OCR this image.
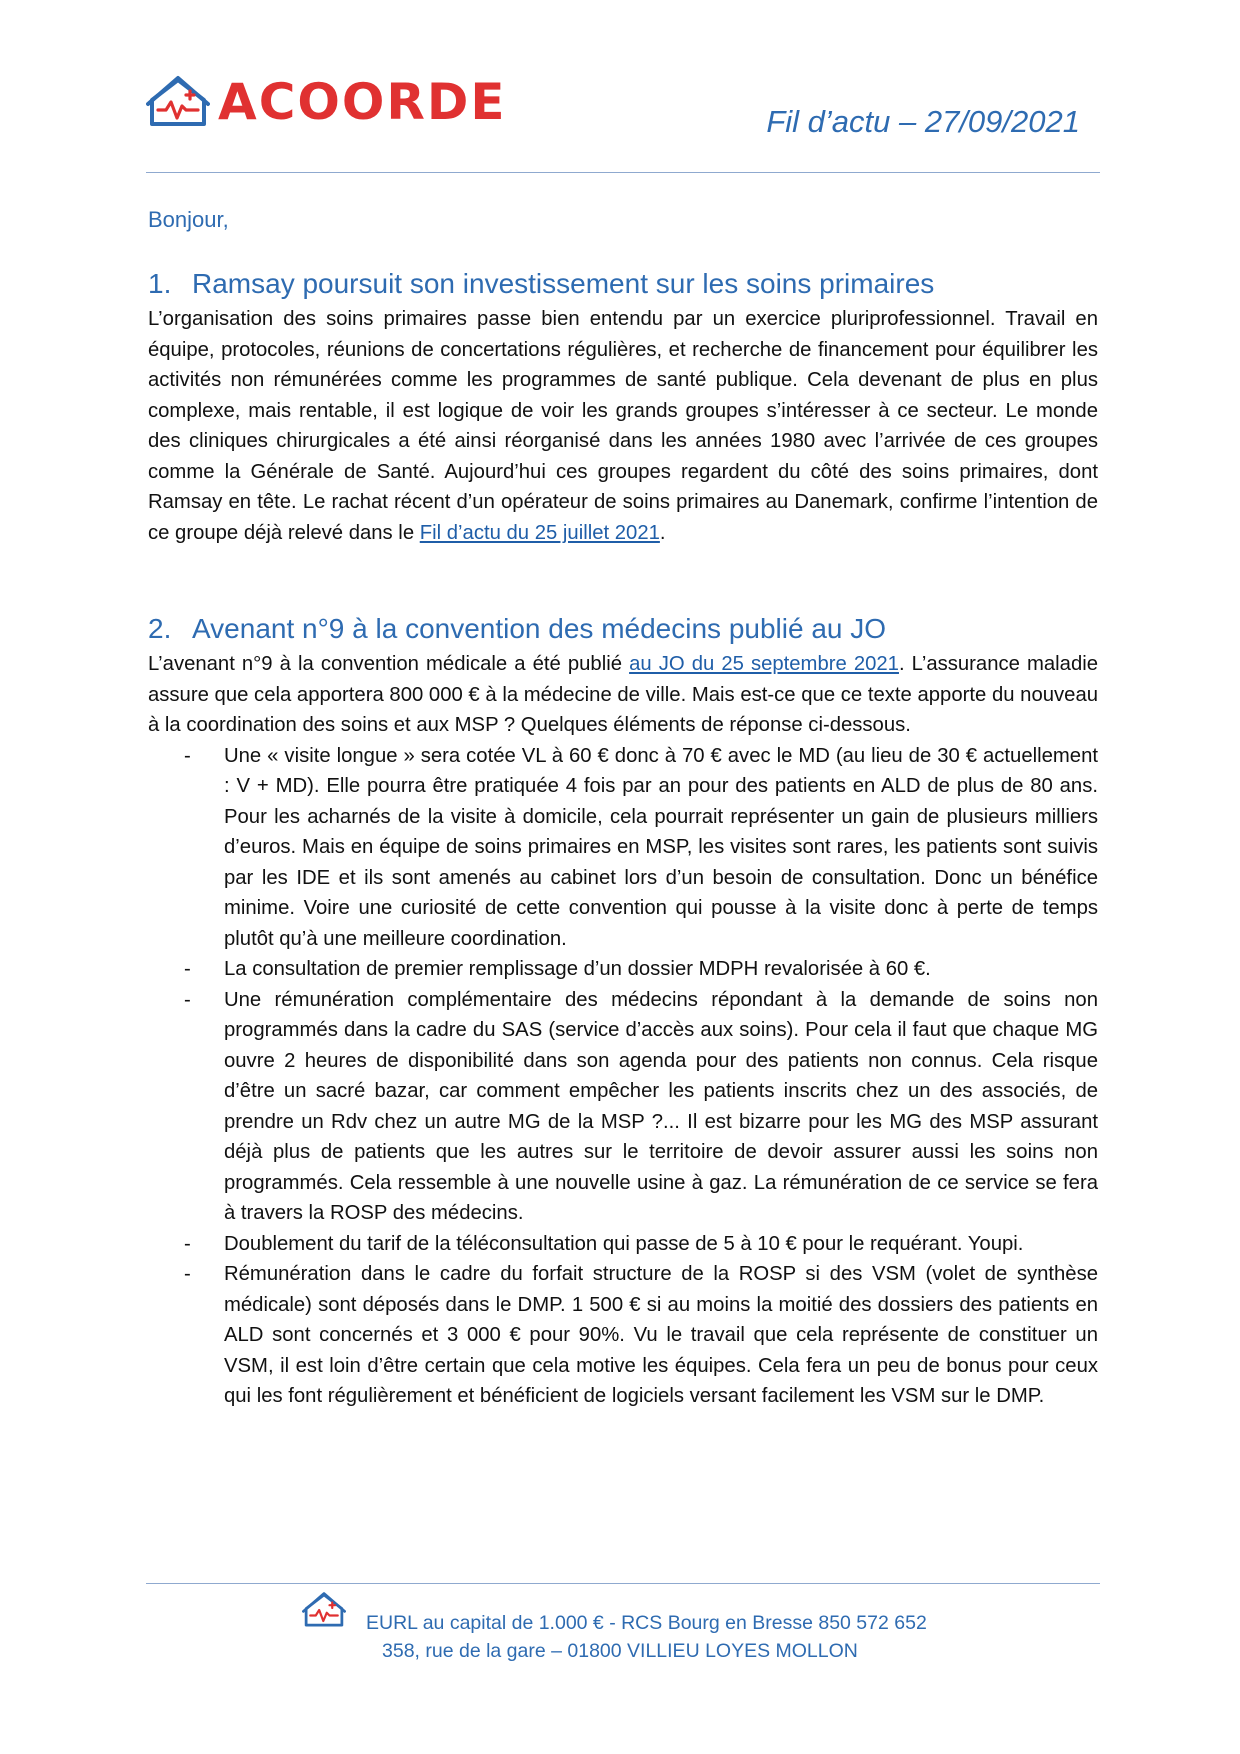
ACOORDE	Fil d’actu – 27/09/2021
Bonjour,
1. Ramsay poursuit son investissement sur les soins primaires

L’organisation des soins primaires passe bien entendu par un exercice pluriprofessionnel. Travail en équipe, protocoles, réunions de concertations régulières, et recherche de financement pour équilibrer les activités non rémunérées comme les programmes de santé publique. Cela devenant de plus en plus complexe, mais rentable, il est logique de voir les grands groupes s’intéresser à ce secteur. Le monde des cliniques chirurgicales a été ainsi réorganisé dans les années 1980 avec l’arrivée de ces groupes comme la Générale de Santé. Aujourd’hui ces groupes regardent du côté des soins primaires, dont Ramsay en tête. Le rachat récent d’un opérateur de soins primaires au Danemark, confirme l’intention de ce groupe déjà relevé dans le Fil d’actu du 25 juillet 2021.

2. Avenant n°9 à la convention des médecins publié au JO

L’avenant n°9 à la convention médicale a été publié au JO du 25 septembre 2021. L’assurance maladie assure que cela apportera 800 000 € à la médecine de ville. Mais est-ce que ce texte apporte du nouveau à la coordination des soins et aux MSP ? Quelques éléments de réponse ci-dessous.

- Une « visite longue » sera cotée VL à 60 € donc à 70 € avec le MD (au lieu de 30 € actuellement : V + MD). Elle pourra être pratiquée 4 fois par an pour des patients en ALD de plus de 80 ans. Pour les acharnés de la visite à domicile, cela pourrait représenter un gain de plusieurs milliers d’euros. Mais en équipe de soins primaires en MSP, les visites sont rares, les patients sont suivis par les IDE et ils sont amenés au cabinet lors d’un besoin de consultation. Donc un bénéfice minime. Voire une curiosité de cette convention qui pousse à la visite donc à perte de temps plutôt qu’à une meilleure coordination.
- La consultation de premier remplissage d’un dossier MDPH revalorisée à 60 €.
- Une rémunération complémentaire des médecins répondant à la demande de soins non programmés dans la cadre du SAS (service d’accès aux soins). Pour cela il faut que chaque MG ouvre 2 heures de disponibilité dans son agenda pour des patients non connus. Cela risque d’être un sacré bazar, car comment empêcher les patients inscrits chez un des associés, de prendre un Rdv chez un autre MG de la MSP ?... Il est bizarre pour les MG des MSP assurant déjà plus de patients que les autres sur le territoire de devoir assurer aussi les soins non programmés. Cela ressemble à une nouvelle usine à gaz. La rémunération de ce service se fera à travers la ROSP des médecins.
- Doublement du tarif de la téléconsultation qui passe de 5 à 10 € pour le requérant. Youpi.
- Rémunération dans le cadre du forfait structure de la ROSP si des VSM (volet de synthèse médicale) sont déposés dans le DMP. 1 500 € si au moins la moitié des dossiers des patients en ALD sont concernés et 3 000 € pour 90%. Vu le travail que cela représente de constituer un VSM, il est loin d’être certain que cela motive les équipes. Cela fera un peu de bonus pour ceux qui les font régulièrement et bénéficient de logiciels versant facilement les VSM sur le DMP.
EURL au capital de 1.000 € - RCS Bourg en Bresse 850 572 652
358, rue de la gare – 01800 VILLIEU LOYES MOLLON
